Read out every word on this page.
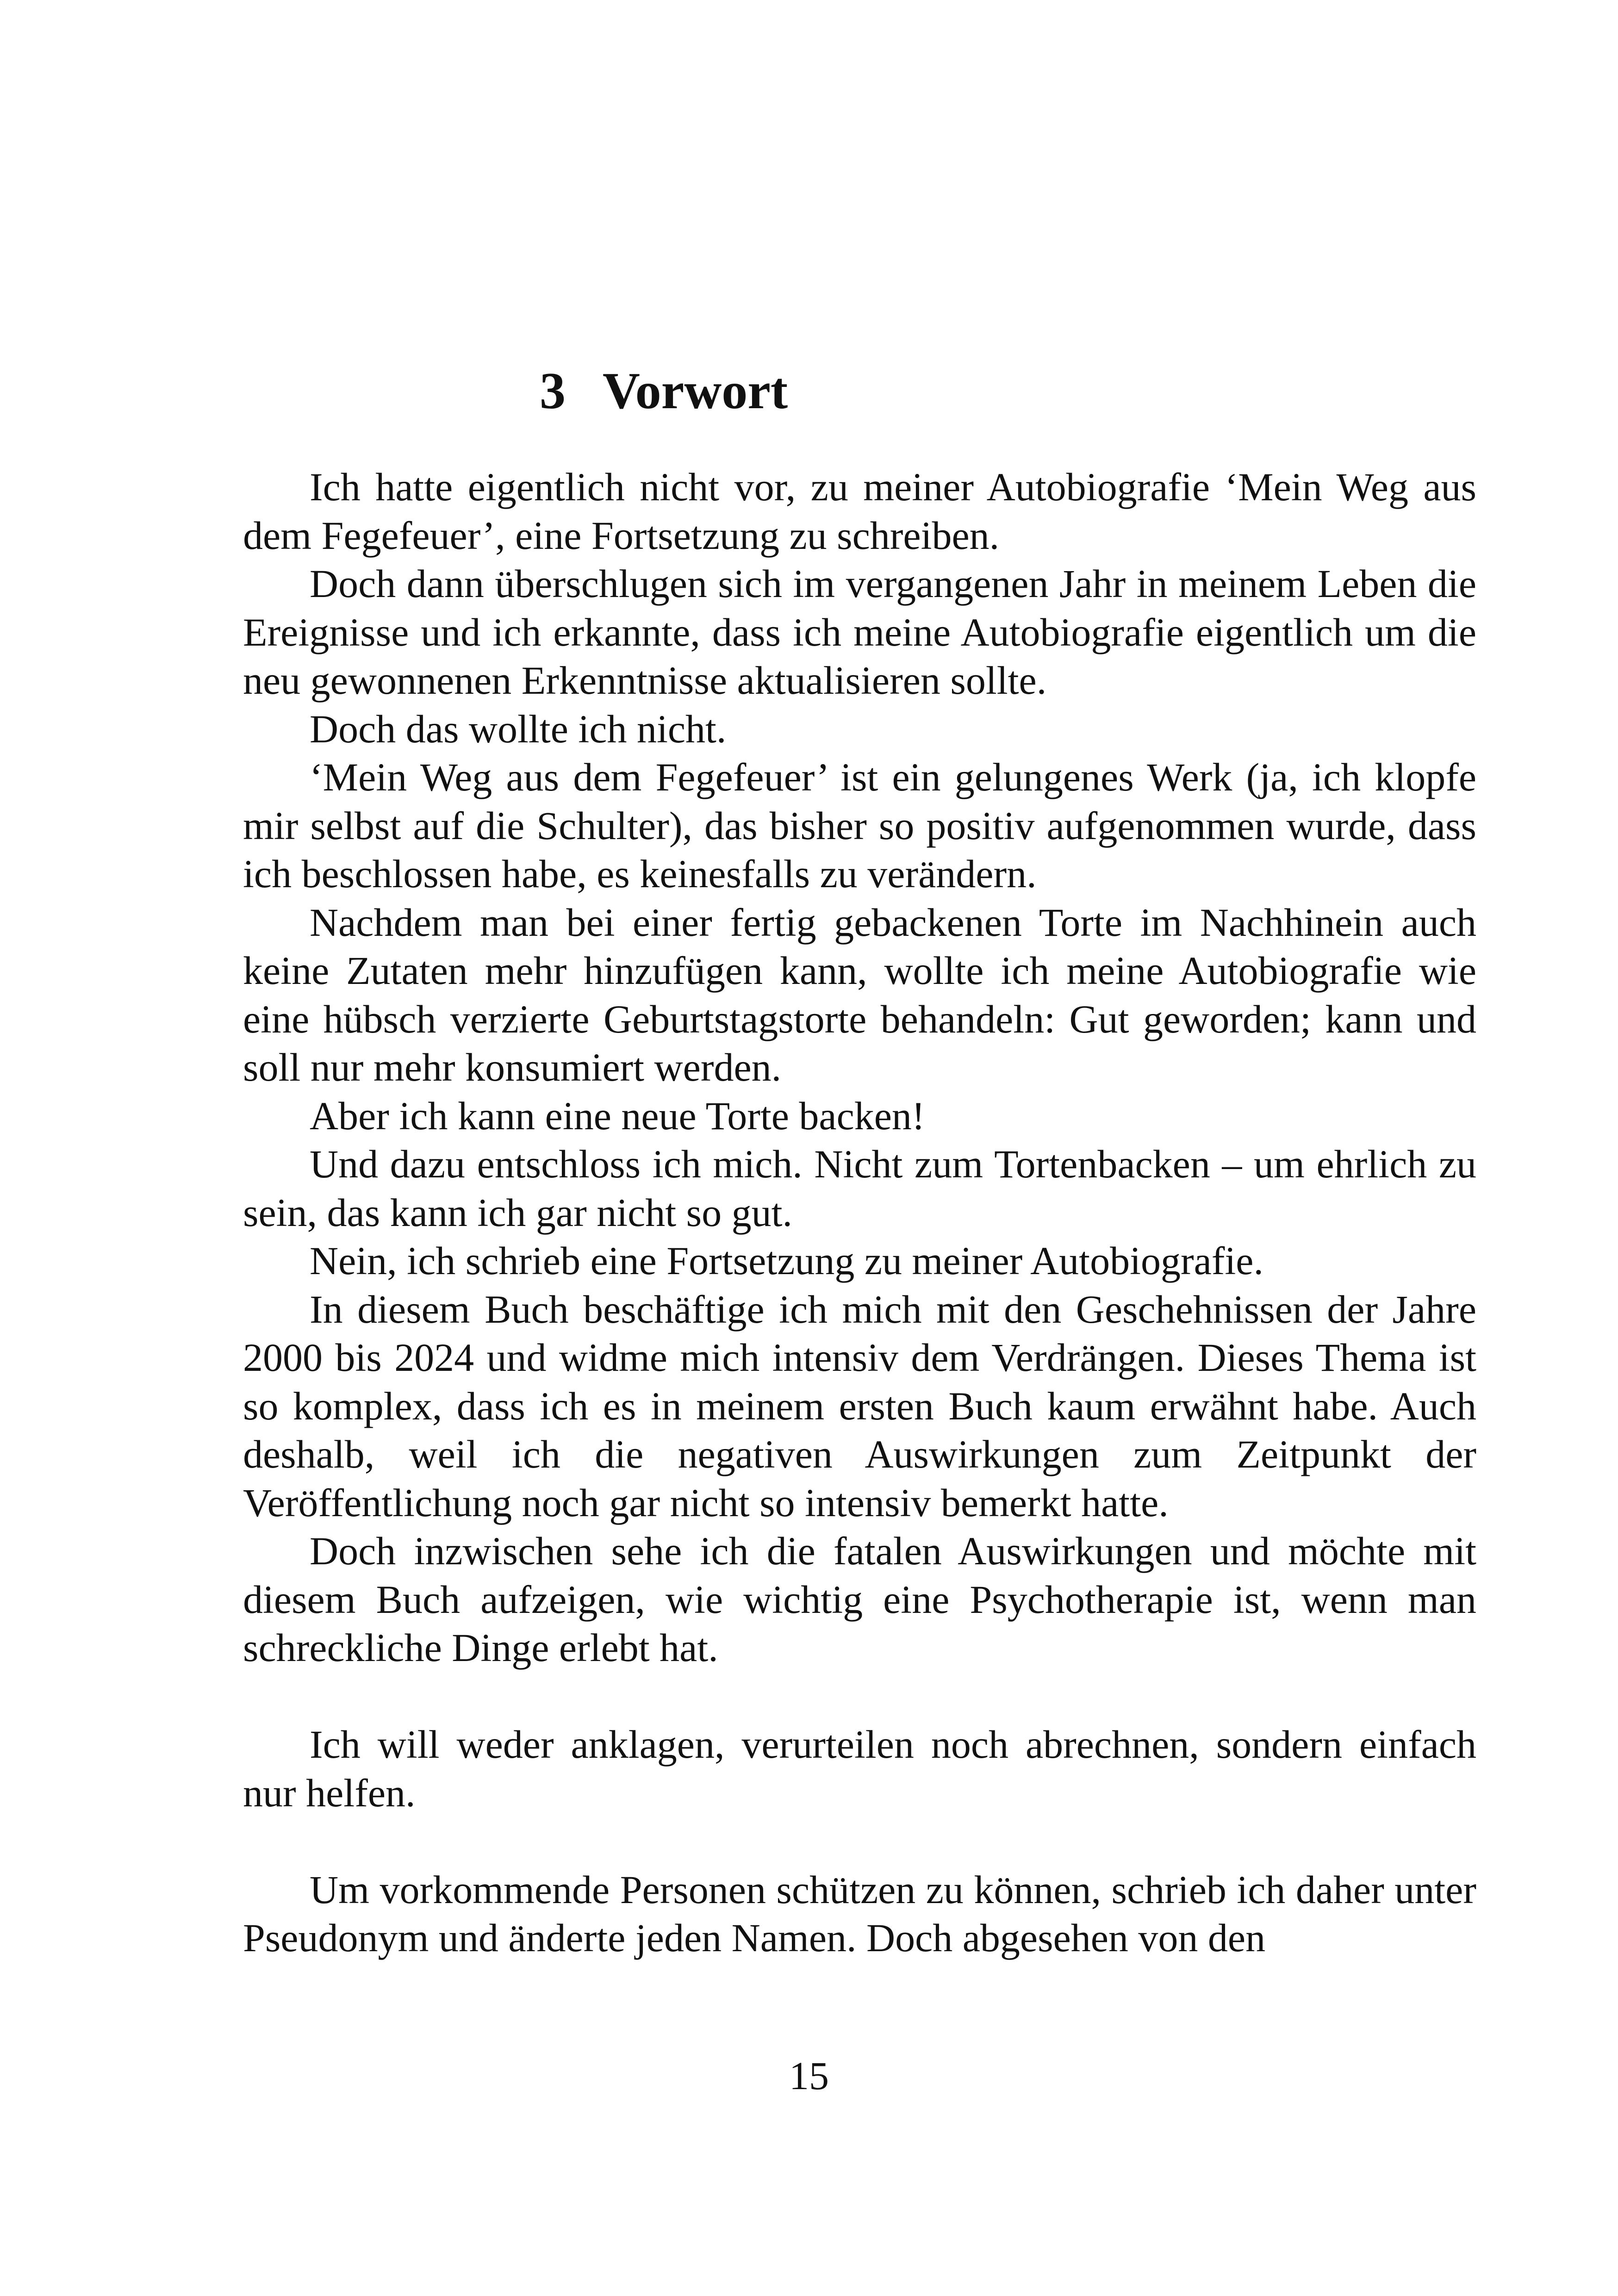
3 Vorwort

Ich hatte eigentlich nicht vor, zu meiner Autobiografie ‘Mein Weg aus dem Fegefeuer’, eine Fortsetzung zu schreiben.

Doch dann überschlugen sich im vergangenen Jahr in meinem Leben die Ereignisse und ich erkannte, dass ich meine Autobiografie eigentlich um die neu gewonnenen Erkenntnisse aktualisieren sollte.

Doch das wollte ich nicht.

‘Mein Weg aus dem Fegefeuer’ ist ein gelungenes Werk (ja, ich klopfe mir selbst auf die Schulter), das bisher so positiv aufgenommen wurde, dass ich beschlossen habe, es keinesfalls zu verändern.

Nachdem man bei einer fertig gebackenen Torte im Nachhinein auch keine Zutaten mehr hinzufügen kann, wollte ich meine Autobiografie wie eine hübsch verzierte Geburtstagstorte behandeln: Gut geworden; kann und soll nur mehr konsumiert werden.

Aber ich kann eine neue Torte backen!

Und dazu entschloss ich mich. Nicht zum Tortenbacken – um ehrlich zu sein, das kann ich gar nicht so gut.

Nein, ich schrieb eine Fortsetzung zu meiner Autobiografie.

In diesem Buch beschäftige ich mich mit den Geschehnissen der Jahre 2000 bis 2024 und widme mich intensiv dem Verdrängen. Dieses Thema ist so komplex, dass ich es in meinem ersten Buch kaum erwähnt habe. Auch deshalb, weil ich die negativen Auswirkungen zum Zeitpunkt der Veröffentlichung noch gar nicht so intensiv bemerkt hatte.

Doch inzwischen sehe ich die fatalen Auswirkungen und möchte mit diesem Buch aufzeigen, wie wichtig eine Psychotherapie ist, wenn man schreckliche Dinge erlebt hat.

Ich will weder anklagen, verurteilen noch abrechnen, sondern einfach nur helfen.

Um vorkommende Personen schützen zu können, schrieb ich daher unter Pseudonym und änderte jeden Namen. Doch abgesehen von den

15
